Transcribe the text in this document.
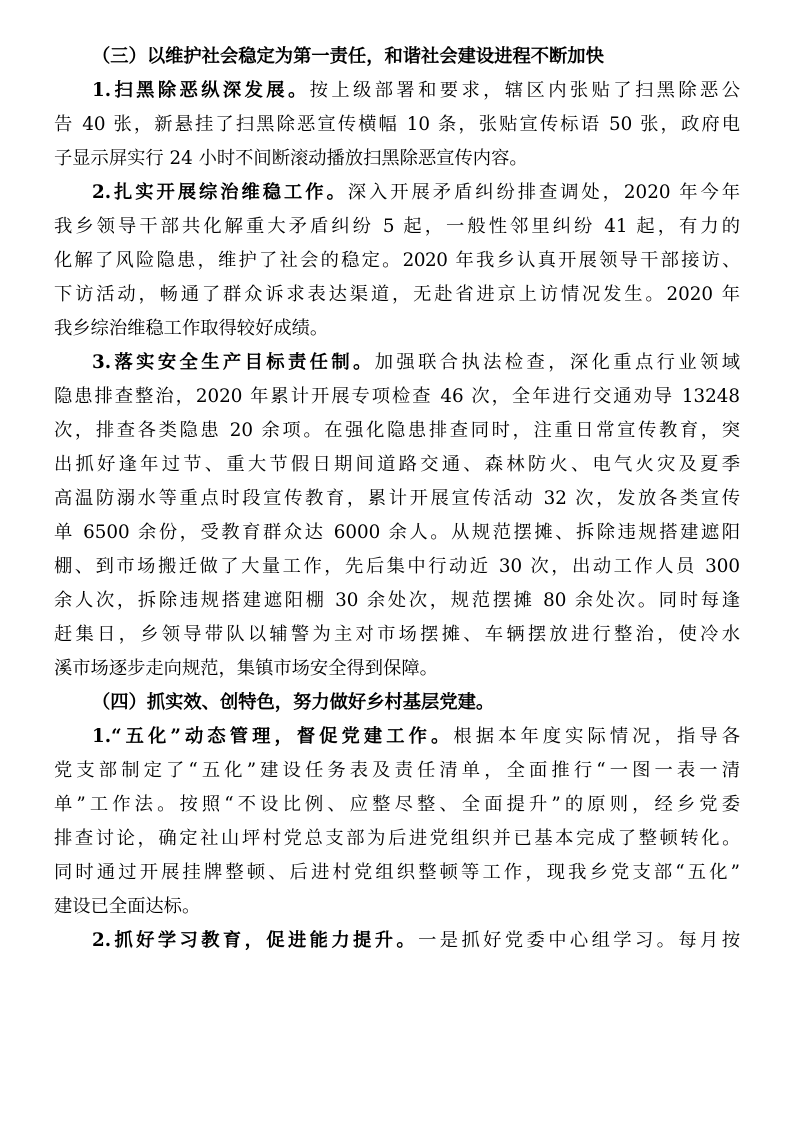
（三）以维护社会稳定为第一责任，和谐社会建设进程不断加快
1.扫黑除恶纵深发展。按上级部署和要求，辖区内张贴了扫黑除恶公
告 40 张，新悬挂了扫黑除恶宣传横幅 10 条，张贴宣传标语 50 张，政府电
子显示屏实行 24 小时不间断滚动播放扫黑除恶宣传内容。
2.扎实开展综治维稳工作。深入开展矛盾纠纷排查调处，2020 年今年
我乡领导干部共化解重大矛盾纠纷 5 起，一般性邻里纠纷 41 起，有力的
化解了风险隐患，维护了社会的稳定。2020 年我乡认真开展领导干部接访、
下访活动，畅通了群众诉求表达渠道，无赴省进京上访情况发生。2020 年
我乡综治维稳工作取得较好成绩。
3.落实安全生产目标责任制。加强联合执法检查，深化重点行业领域
隐患排查整治，2020 年累计开展专项检查 46 次，全年进行交通劝导 13248
次，排查各类隐患 20 余项。在强化隐患排查同时，注重日常宣传教育，突
出抓好逢年过节、重大节假日期间道路交通、森林防火、电气火灾及夏季
高温防溺水等重点时段宣传教育，累计开展宣传活动 32 次，发放各类宣传
单 6500 余份，受教育群众达 6000 余人。从规范摆摊、拆除违规搭建遮阳
棚、到市场搬迁做了大量工作，先后集中行动近 30 次，出动工作人员 300
余人次，拆除违规搭建遮阳棚 30 余处次，规范摆摊 80 余处次。同时每逢
赶集日，乡领导带队以辅警为主对市场摆摊、车辆摆放进行整治，使冷水
溪市场逐步走向规范，集镇市场安全得到保障。
（四）抓实效、创特色，努力做好乡村基层党建。
1.“五化”动态管理，督促党建工作。根据本年度实际情况，指导各
党支部制定了“五化”建设任务表及责任清单，全面推行“一图一表一清
单”工作法。按照“不设比例、应整尽整、全面提升”的原则，经乡党委
排查讨论，确定社山坪村党总支部为后进党组织并已基本完成了整顿转化。
同时通过开展挂牌整顿、后进村党组织整顿等工作，现我乡党支部“五化”
建设已全面达标。
2.抓好学习教育，促进能力提升。一是抓好党委中心组学习。每月按
